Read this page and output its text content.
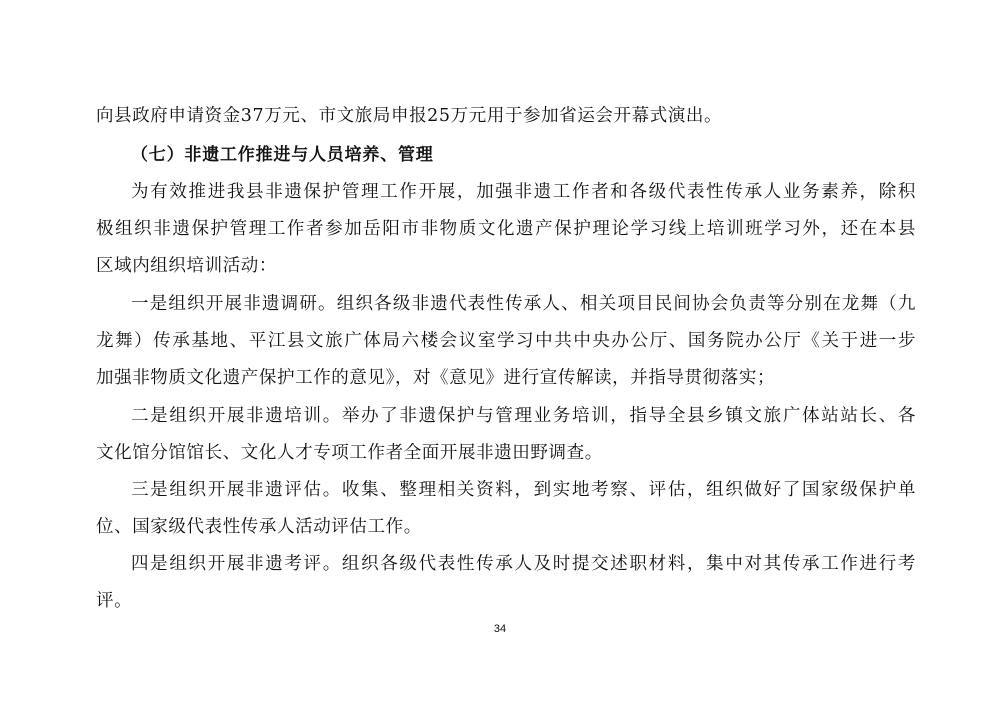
向县政府申请资金37万元、市文旅局申报25万元用于参加省运会开幕式演出。
（七）非遗工作推进与人员培养、管理
为有效推进我县非遗保护管理工作开展，加强非遗工作者和各级代表性传承人业务素养，除积
极组织非遗保护管理工作者参加岳阳市非物质文化遗产保护理论学习线上培训班学习外，还在本县
区域内组织培训活动：
一是组织开展非遗调研。组织各级非遗代表性传承人、相关项目民间协会负责等分别在龙舞（九
龙舞）传承基地、平江县文旅广体局六楼会议室学习中共中央办公厅、国务院办公厅《关于进一步
加强非物质文化遗产保护工作的意见》，对《意见》进行宣传解读，并指导贯彻落实；
二是组织开展非遗培训。举办了非遗保护与管理业务培训，指导全县乡镇文旅广体站站长、各
文化馆分馆馆长、文化人才专项工作者全面开展非遗田野调查。
三是组织开展非遗评估。收集、整理相关资料，到实地考察、评估，组织做好了国家级保护单
位、国家级代表性传承人活动评估工作。
四是组织开展非遗考评。组织各级代表性传承人及时提交述职材料，集中对其传承工作进行考
评。
34
